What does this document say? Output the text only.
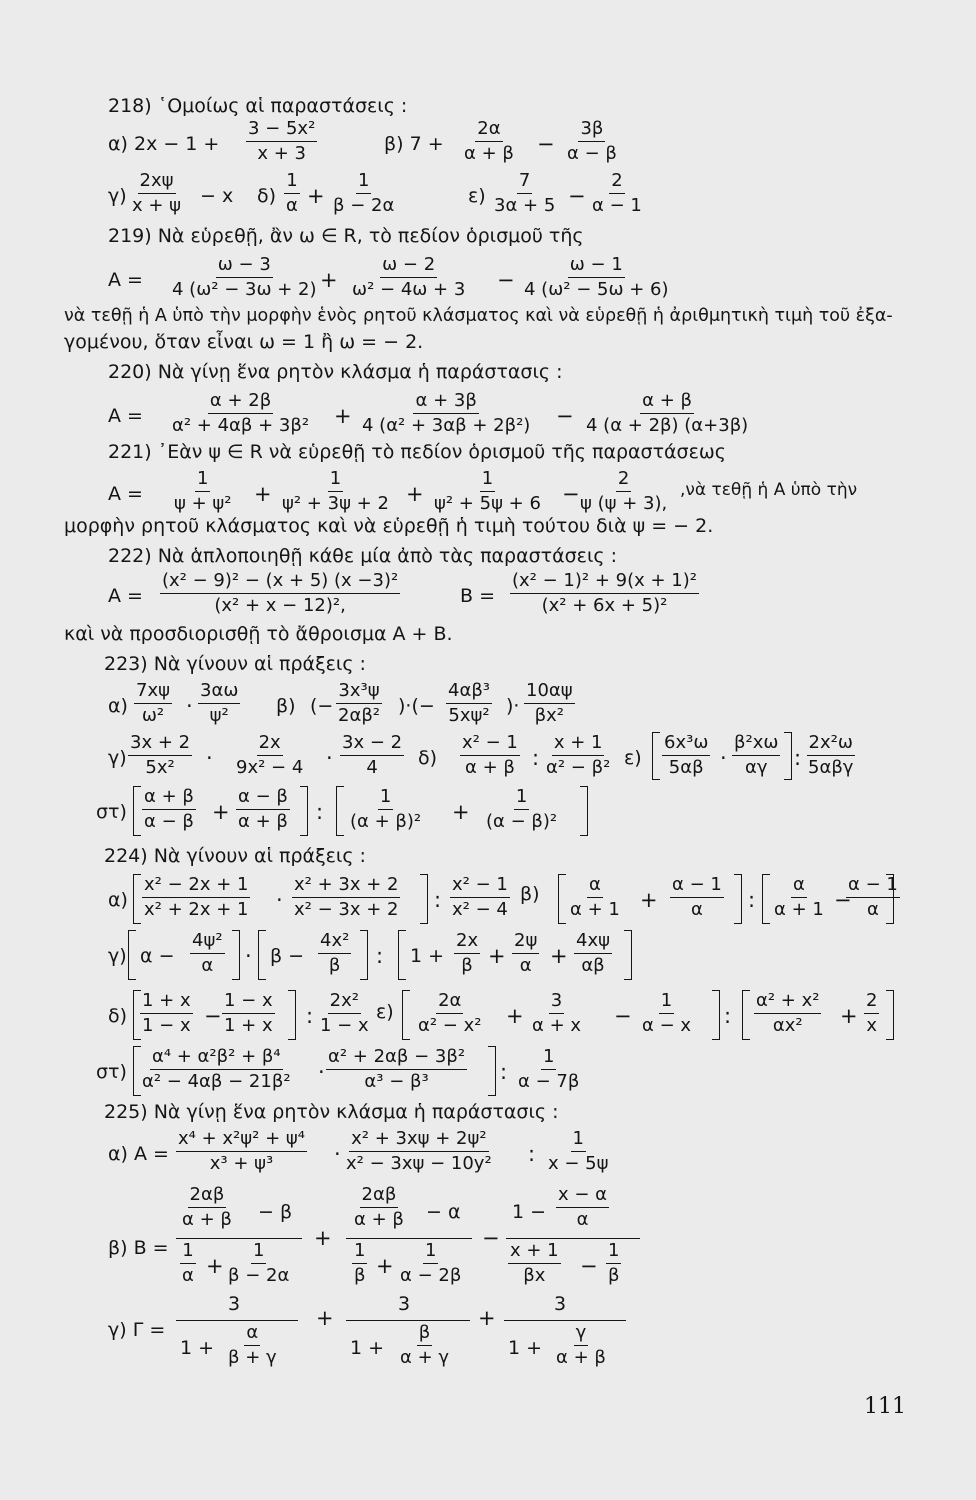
218) ῾Ομοίως αἱ παραστάσεις :
α) $2x - 1 + \frac{\text{3 − 5x²}}{x + 3}$	β) $7 + \frac{2\alpha}{\alpha + \beta} - \frac{3\beta}{\alpha - \beta}$
$\gamma) \frac{2x\psi}{x + \psi} - x$ $\delta) \frac{1}{\alpha} + \frac{1}{\beta - 2\alpha}$	$\varepsilon) \frac{7}{3\alpha + 5} - \frac{2}{\alpha - 1}$
219) Νὰ εὑρεθῇ, ἂν ω ∈ R, τὸ πεδίον ὁρισμοῦ τῆς
$A = \frac{\omega - 3}{\text{4 (ω² − 3ω + 2)}} + \frac{\omega - 2}{\text{ω² − 4ω + 3}} - \frac{\omega - 1}{\text{4 (ω² − 5ω + 6)}}$
νὰ τεθῇ ἡ Α ὑπὸ τὴν μορφὴν ἑνὸς ρητοῦ κλάσματος καὶ νὰ εὑρεθῇ ἡ ἀριθμητικὴ τιμὴ τοῦ ἐξα-
γομένου, ὅταν εἶναι ω = 1 ἢ ω = − 2.
220) Νὰ γίνῃ ἕνα ρητὸν κλάσμα ἡ παράστασις :
$A = \frac{\alpha + 2\beta}{\text{α² + 4αβ + 3β²}} + \frac{\alpha + 3\beta}{\text{4 (α² + 3αβ + 2β²)}} - \frac{\alpha + \beta}{4 (\alpha + 2\beta) (\alpha+3\beta)}$
221) ᾿Εὰν ψ ∈ R νὰ εὑρεθῇ τὸ πεδίον ὁρισμοῦ τῆς παραστάσεως
$A = \frac{1}{\text{ψ + ψ²}} + \frac{1}{\text{ψ² + 3ψ + 2}} + \frac{1}{\text{ψ² + 5ψ + 6}}$ −
$\frac{2}{\psi (\psi + 3),}$ ,νὰ τεθῇ ἡ Α ὑπὸ τὴν
μορφὴν ρητοῦ κλάσματος καὶ νὰ εὑρεθῇ ἡ τιμὴ τούτου διὰ ψ = − 2.
222) Νὰ ἁπλοποιηθῇ κάθε μία ἀπὸ τὰς παραστάσεις :
$A = \frac{\text{(x² − 9)² − (x + 5) (x −3)²}}{\text{(x² + x − 12)²,}}$	$B = \frac{\text{(x² − 1)² + 9(x + 1)²}}{\text{(x² + 6x + 5)²}}$
καὶ νὰ προσδιορισθῇ τὸ ἄθροισμα A + B.
223) Νὰ γίνουν αἱ πράξεις :
$\alpha) \frac{7x\psi}{\text{ω²}} \cdot \frac{3\alpha\omega}{\text{ψ²}} \beta$) (− $\frac{\text{3x³ψ}}{\text{2αβ²}}$ )·(− $\frac{\text{4αβ³}}{\text{5xψ²}}$ )· $\frac{10\alpha\psi}{\text{βx²}}$
$\gamma) \frac{3x + 2}{\text{5x²}} \cdot \frac{2x}{\text{9x² − 4}} \cdot \frac{3x - 2}{4} \delta) \frac{\text{x² − 1}}{\alpha + \beta}$ : $\frac{x + 1}{\text{α² − β²}} \varepsilon) \frac{\text{6x³ω}}{5\alpha\beta} \cdot \frac{\text{β²xω}}{\alpha\gamma}$ :
2x²ω
5αβγ
$\sigma\tau) \frac{\alpha + \beta}{\alpha - \beta} + \frac{\alpha - \beta}{\alpha + \beta}$ : $\frac{1}{\text{(α + β)²}} + \frac{1}{\text{(α − β)²}}$
224) Νὰ γίνουν αἱ πράξεις :
$\alpha) \frac{\text{x² − 2x + 1}}{\text{x² + 2x + 1}} \cdot \frac{\text{x² + 3x + 2}}{\text{x² − 3x + 2}}$ : $\frac{\text{x² − 1}}{\text{x² − 4}} \beta) \frac{\alpha}{\alpha + 1} + \frac{\alpha - 1}{\alpha}$ : $\frac{\alpha}{\alpha + 1}$ −
$\frac{\alpha - 1}{\alpha}$
γ) $\alpha - \frac{\text{4ψ²}}{\alpha} \cdot \beta - \frac{\text{4x²}}{\beta}$ : $1 + \frac{2x}{\beta} + \frac{2\psi}{\alpha} + \frac{4x\psi}{\alpha\beta}$
$\delta) \frac{1 + x}{1 - x} - \frac{1 - x}{1 + x}$ : $\frac{\text{2x²}}{1 - x} \varepsilon) \frac{2\alpha}{\text{α² − x²}} + \frac{3}{\alpha + x} - \frac{1}{\alpha - x}$ : $\frac{\text{α² + x²}}{\text{αx²}} + \frac{2}{x}$
$\sigma\tau) \frac{\text{α⁴ + α²β² + β⁴}}{\text{α² − 4αβ − 21β²}} \cdot \frac{\text{α² + 2αβ − 3β²}}{\text{α³ − β³}}$ : $\frac{1}{\alpha - 7\beta}$
225) Νὰ γίνῃ ἕνα ρητὸν κλάσμα ἡ παράστασις :
α) $A = \frac{\text{x⁴ + x²ψ² + ψ⁴}}{\text{x³ + ψ³}} \cdot \frac{\text{x² + 3xψ + 2ψ²}}{\text{x² − 3xψ − 10y²}}$ : $\frac{1}{x - 5\psi}$
β) B =
$\frac{2\alpha\beta}{\alpha + \beta} - \beta$
$\frac{1}{\alpha} + \frac{1}{\beta - 2\alpha}$
+
$\frac{2\alpha\beta}{\alpha + \beta} - \alpha$
$\frac{1}{\beta} + \frac{1}{\alpha - 2\beta}$
−
$1 - \frac{x - \alpha}{\alpha}$
$\frac{x + 1}{\beta x} - \frac{1}{\beta}$
γ) Γ =
3
$1 + \frac{\alpha}{\beta + \gamma}$
+
3
$1 + \frac{\beta}{\alpha + \gamma}$
+
3
$1 + \frac{\gamma}{\alpha + \beta}$
111
